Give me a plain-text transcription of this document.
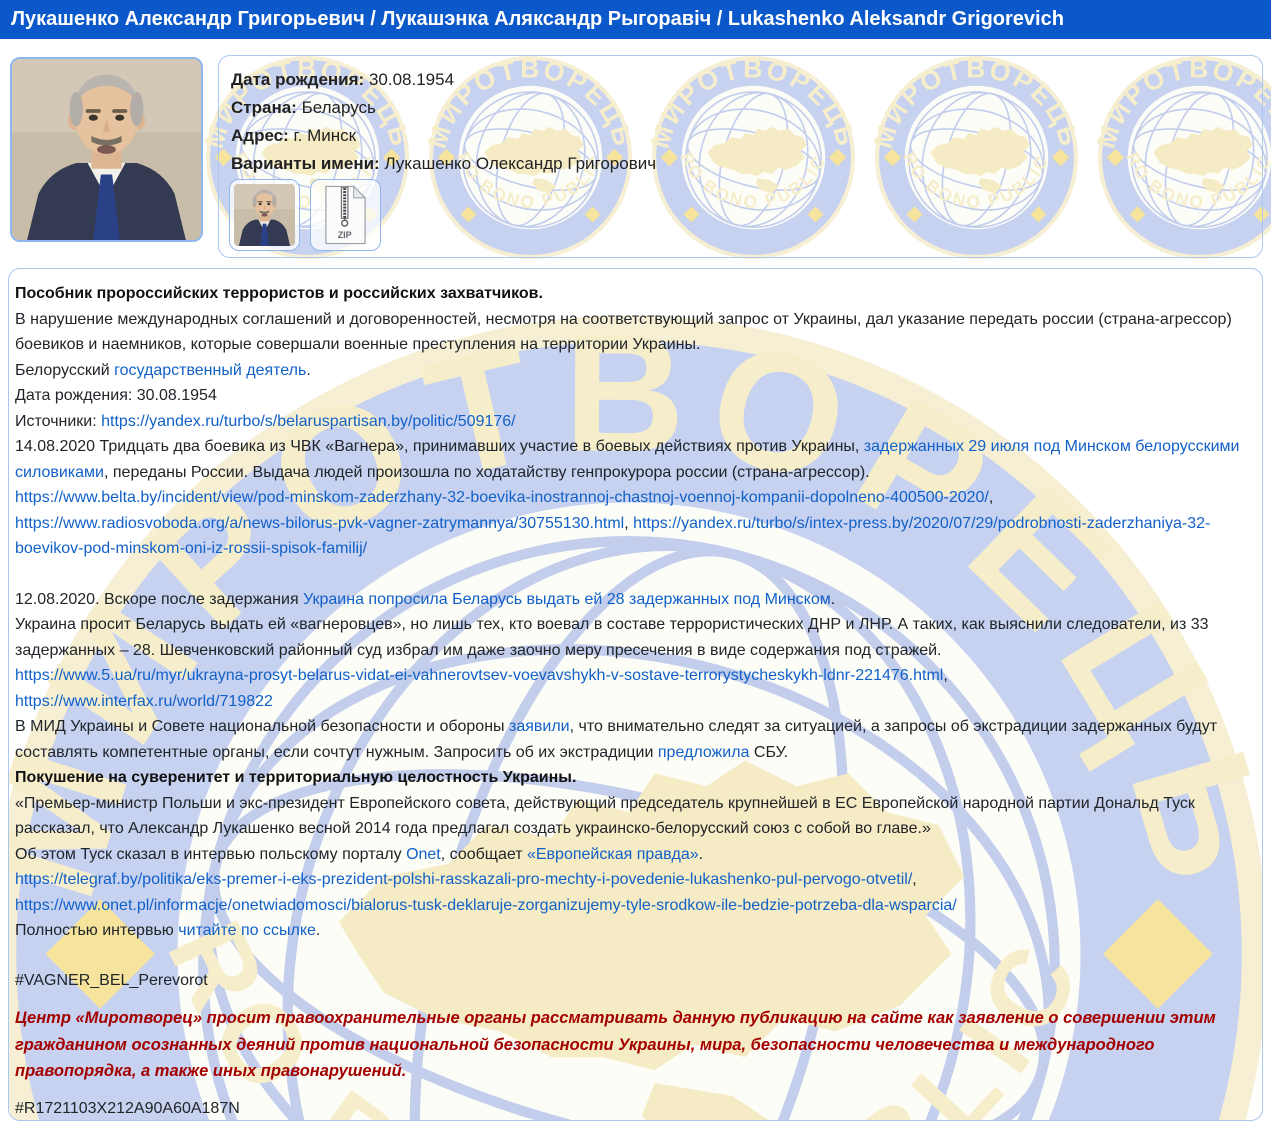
Лукашенко Александр Григорьевич / Лукашэнка Аляксандр Рыгоравіч / Lukashenko Aleksandr Grigorevich
Дата рождения: 30.08.1954
Страна: Беларусь
Адрес: г. Минск
Варианты имени: Лукашенко Олександр Григорович

Пособник пророссийских террористов и российских захватчиков.
В нарушение международных соглашений и договоренностей, несмотря на соответствующий запрос от Украины, дал указание передать россии (страна-агрессор) боевиков и наемников, которые совершали военные преступления на территории Украины.
Белорусский государственный деятель.
Дата рождения: 30.08.1954
Источники: https://yandex.ru/turbo/s/belaruspartisan.by/politic/509176/
14.08.2020 Тридцать два боевика из ЧВК «Вагнера», принимавших участие в боевых действиях против Украины, задержанных 29 июля под Минском белорусскими силовиками, переданы России. Выдача людей произошла по ходатайству генпрокурора россии (страна-агрессор).
https://www.belta.by/incident/view/pod-minskom-zaderzhany-32-boevika-inostrannoj-chastnoj-voennoj-kompanii-dopolneno-400500-2020/, https://www.radiosvoboda.org/a/news-bilorus-pvk-vagner-zatrymannya/30755130.html, https://yandex.ru/turbo/s/intex-press.by/2020/07/29/podrobnosti-zaderzhaniya-32-boevikov-pod-minskom-oni-iz-rossii-spisok-familij/

12.08.2020. Вскоре после задержания Украина попросила Беларусь выдать ей 28 задержанных под Минском.
Украина просит Беларусь выдать ей «вагнеровцев», но лишь тех, кто воевал в составе террористических ДНР и ЛНР. А таких, как выяснили следователи, из 33 задержанных – 28. Шевченковский районный суд избрал им даже заочно меру пресечения в виде содержания под стражей.
https://www.5.ua/ru/myr/ukrayna-prosyt-belarus-vidat-ei-vahnerovtsev-voevavshykh-v-sostave-terrorystycheskykh-ldnr-221476.html,
https://www.interfax.ru/world/719822
В МИД Украины и Совете национальной безопасности и обороны заявили, что внимательно следят за ситуацией, а запросы об экстрадиции задержанных будут составлять компетентные органы, если сочтут нужным. Запросить об их экстрадиции предложила СБУ.
Покушение на суверенитет и территориальную целостность Украины.
«Премьер-министр Польши и экс-президент Европейского совета, действующий председатель крупнейшей в ЕС Европейской народной партии Дональд Туск рассказал, что Александр Лукашенко весной 2014 года предлагал создать украинско-белорусский союз с собой во главе.»
Об этом Туск сказал в интервью польскому порталу Onet, сообщает «Европейская правда».
https://telegraf.by/politika/eks-premer-i-eks-prezident-polshi-rasskazali-pro-mechty-i-povedenie-lukashenko-pul-pervogo-otvetil/,
https://www.onet.pl/informacje/onetwiadomosci/bialorus-tusk-deklaruje-zorganizujemy-tyle-srodkow-ile-bedzie-potrzeba-dla-wsparcia/
Полностью интервью читайте по ссылке.

#VAGNER_BEL_Perevorot

Центр «Миротворец» просит правоохранительные органы рассматривать данную публикацию на сайте как заявление о совершении этим гражданином осознанных деяний против национальной безопасности Украины, мира, безопасности человечества и международного правопорядка, а также иных правонарушений.

#R1721103X212A90A60A187N
